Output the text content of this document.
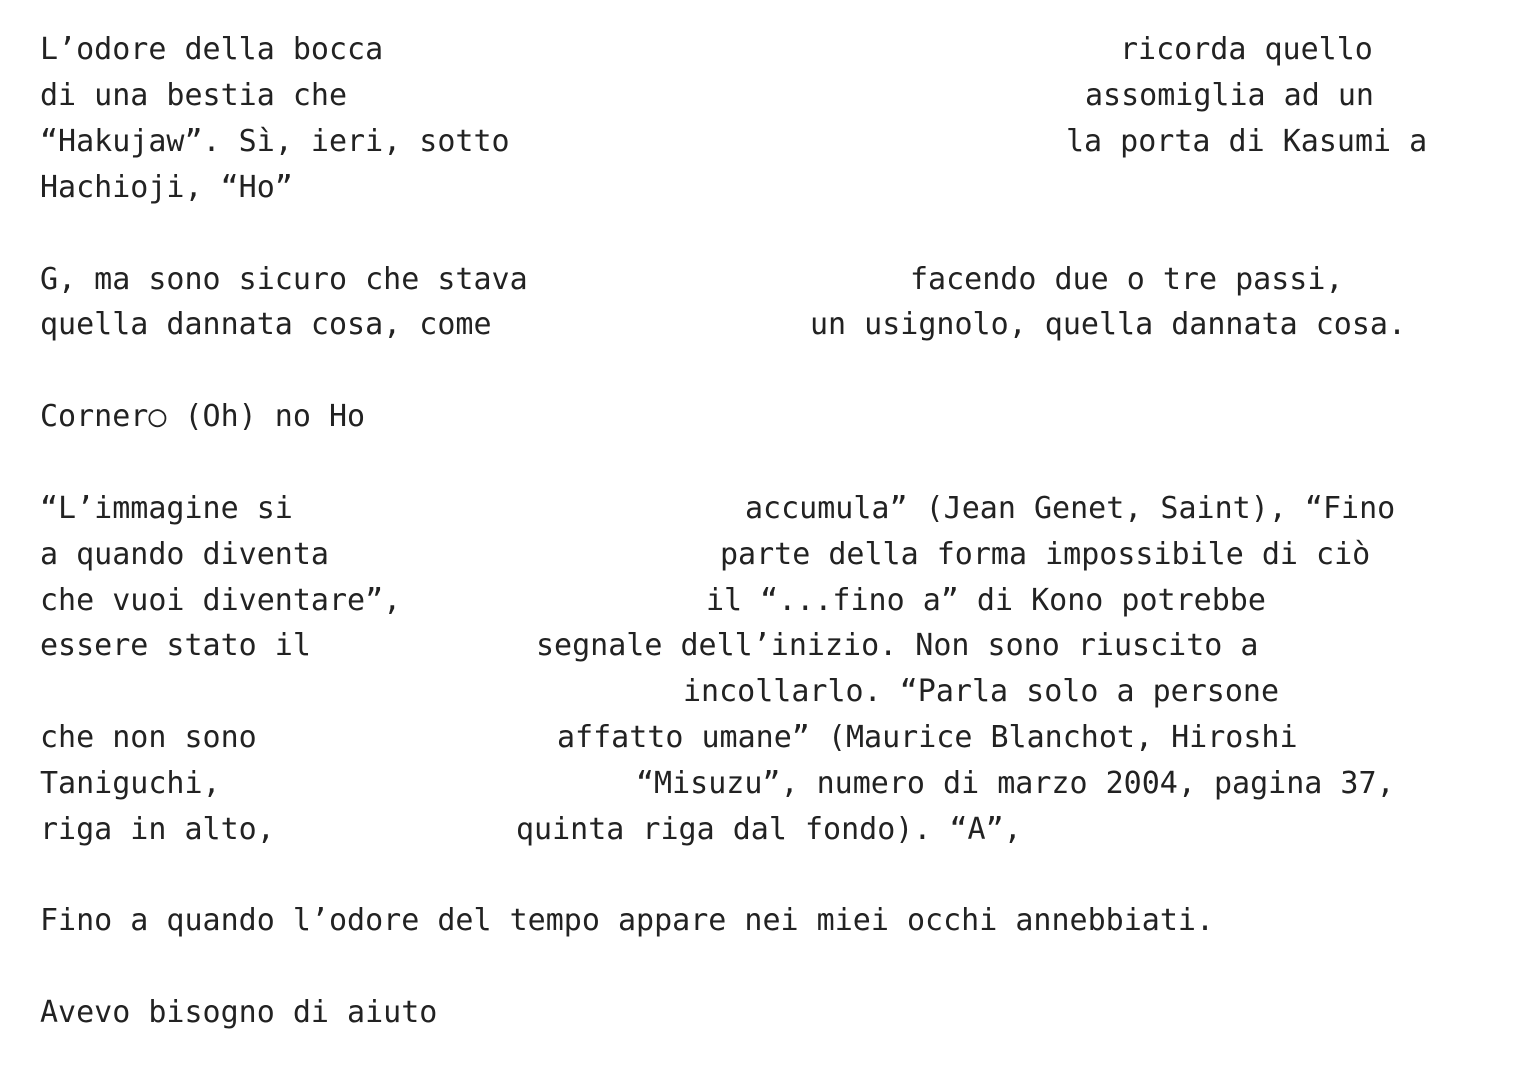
L’odore della bocca	ricorda quello
di una bestia che	assomiglia ad un
“Hakujaw”. Sì, ieri, sotto	la porta di Kasumi a
Hachioji, “Ho”
G, ma sono sicuro che stava	facendo due o tre passi,
quella dannata cosa, come	un usignolo, quella dannata cosa.
Corner○ (Oh) no Ho
“L’immagine si	accumula” (Jean Genet, Saint), “Fino
a quando diventa	parte della forma impossibile di ciò
che vuoi diventare”,	il “...fino a” di Kono potrebbe
essere stato il	segnale dell’inizio. Non sono riuscito a
incollarlo. “Parla solo a persone
che non sono	affatto umane” (Maurice Blanchot, Hiroshi
Taniguchi,	“Misuzu”, numero di marzo 2004, pagina 37,
riga in alto,	quinta riga dal fondo). “A”,
Fino a quando l’odore del tempo appare nei miei occhi annebbiati.
Avevo bisogno di aiuto
